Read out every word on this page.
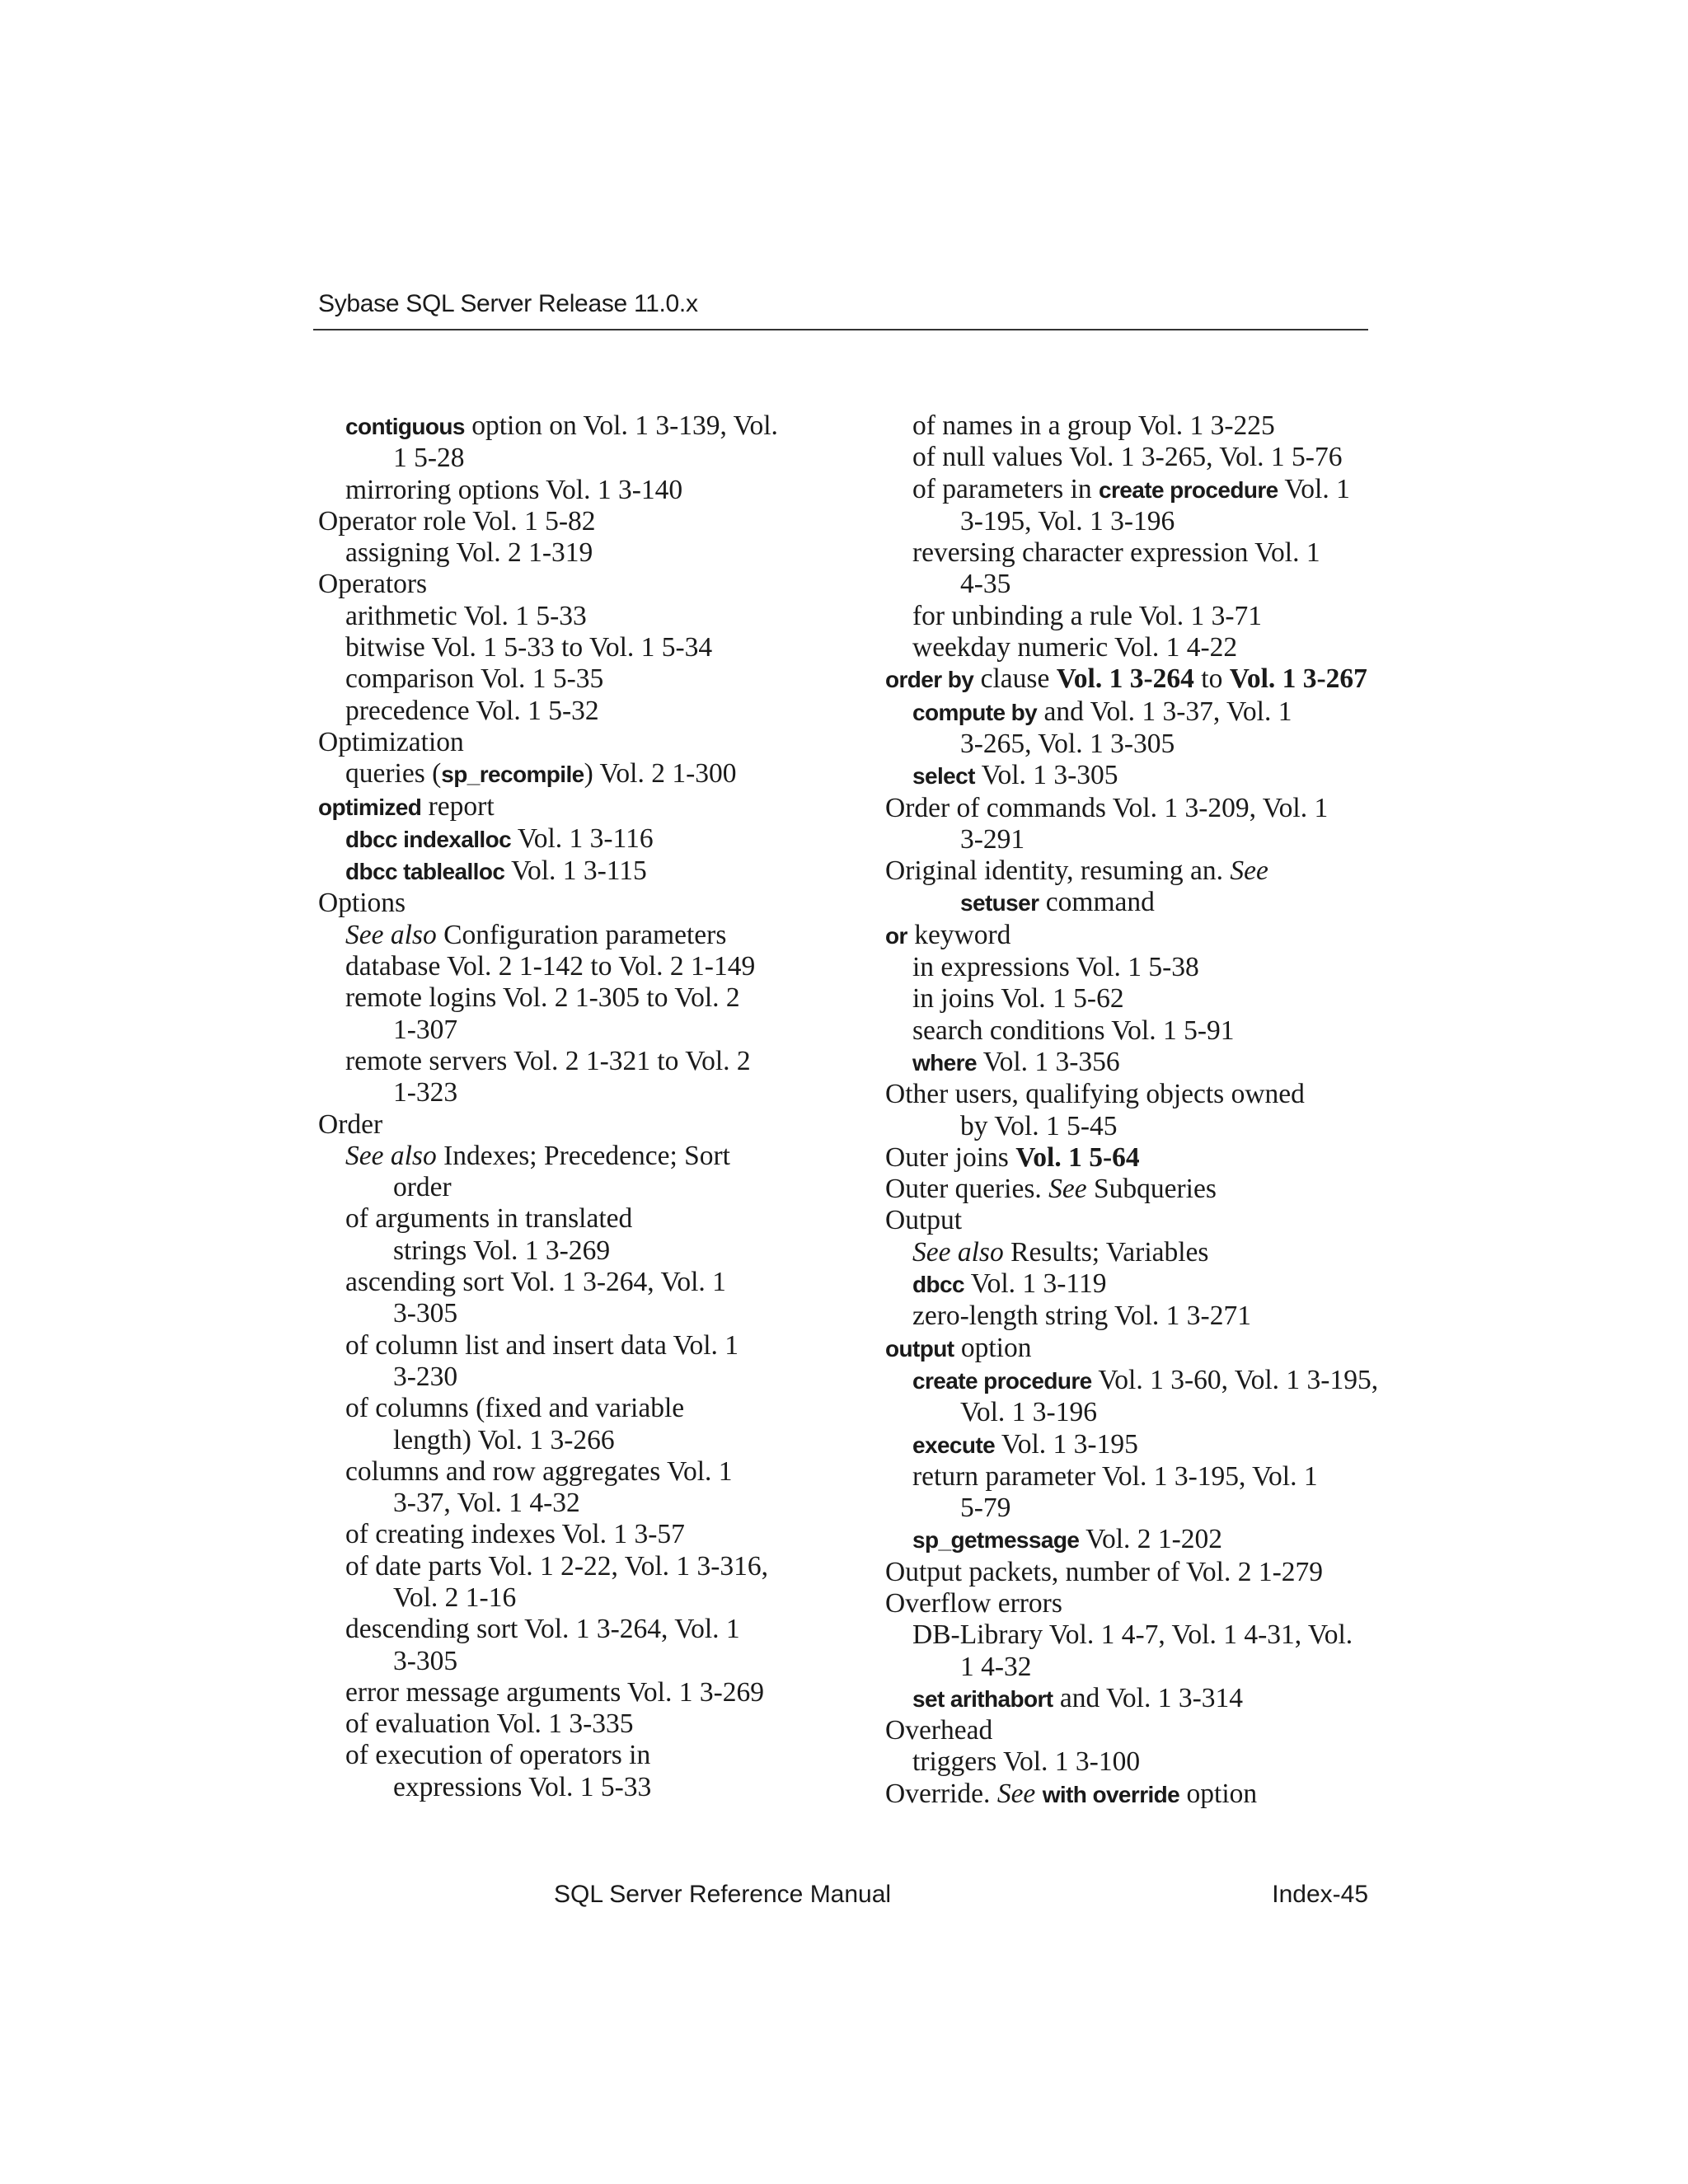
Sybase SQL Server Release 11.0.x
contiguous option on Vol. 1 3-139, Vol.
1 5-28
mirroring options Vol. 1 3-140
Operator role Vol. 1 5-82
assigning Vol. 2 1-319
Operators
arithmetic Vol. 1 5-33
bitwise Vol. 1 5-33 to Vol. 1 5-34
comparison Vol. 1 5-35
precedence Vol. 1 5-32
Optimization
queries (sp_recompile) Vol. 2 1-300
optimized report
dbcc indexalloc Vol. 1 3-116
dbcc tablealloc Vol. 1 3-115
Options
See also Configuration parameters
database Vol. 2 1-142 to Vol. 2 1-149
remote logins Vol. 2 1-305 to Vol. 2
1-307
remote servers Vol. 2 1-321 to Vol. 2
1-323
Order
See also Indexes; Precedence; Sort
order
of arguments in translated
strings Vol. 1 3-269
ascending sort Vol. 1 3-264, Vol. 1
3-305
of column list and insert data Vol. 1
3-230
of columns (fixed and variable
length) Vol. 1 3-266
columns and row aggregates Vol. 1
3-37, Vol. 1 4-32
of creating indexes Vol. 1 3-57
of date parts Vol. 1 2-22, Vol. 1 3-316,
Vol. 2 1-16
descending sort Vol. 1 3-264, Vol. 1
3-305
error message arguments Vol. 1 3-269
of evaluation Vol. 1 3-335
of execution of operators in
expressions Vol. 1 5-33
of names in a group Vol. 1 3-225
of null values Vol. 1 3-265, Vol. 1 5-76
of parameters in create procedure Vol. 1
3-195, Vol. 1 3-196
reversing character expression Vol. 1
4-35
for unbinding a rule Vol. 1 3-71
weekday numeric Vol. 1 4-22
order by clause Vol. 1 3-264 to Vol. 1 3-267
compute by and Vol. 1 3-37, Vol. 1
3-265, Vol. 1 3-305
select Vol. 1 3-305
Order of commands Vol. 1 3-209, Vol. 1
3-291
Original identity, resuming an. See
setuser command
or keyword
in expressions Vol. 1 5-38
in joins Vol. 1 5-62
search conditions Vol. 1 5-91
where Vol. 1 3-356
Other users, qualifying objects owned
by Vol. 1 5-45
Outer joins Vol. 1 5-64
Outer queries. See Subqueries
Output
See also Results; Variables
dbcc Vol. 1 3-119
zero-length string Vol. 1 3-271
output option
create procedure Vol. 1 3-60, Vol. 1 3-195,
Vol. 1 3-196
execute Vol. 1 3-195
return parameter Vol. 1 3-195, Vol. 1
5-79
sp_getmessage Vol. 2 1-202
Output packets, number of Vol. 2 1-279
Overflow errors
DB-Library Vol. 1 4-7, Vol. 1 4-31, Vol.
1 4-32
set arithabort and Vol. 1 3-314
Overhead
triggers Vol. 1 3-100
Override. See with override option
SQL Server Reference Manual	Index-45
